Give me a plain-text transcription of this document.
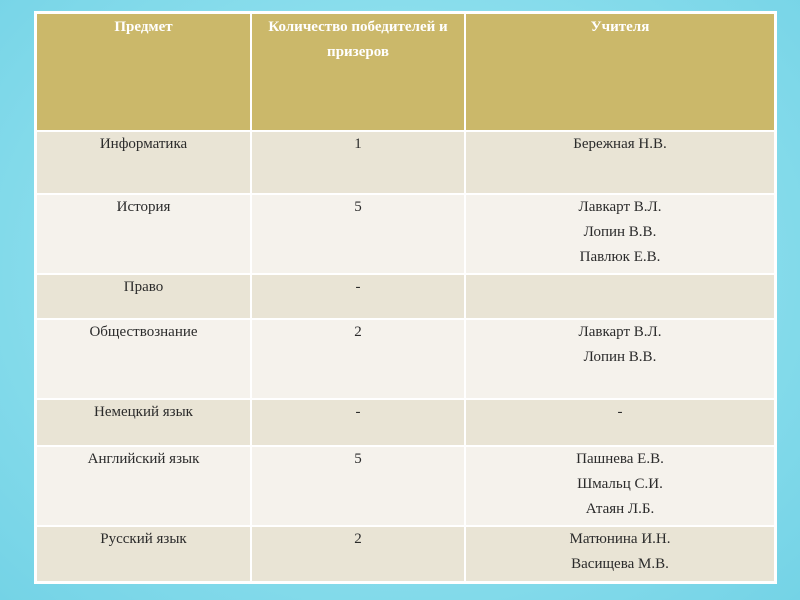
Предмет	Количество победителей и призеров	Учителя
Информатика	1	Бережная Н.В.

История	5	Лавкарт В.Л.
Лопин В.В.
Павлюк Е.В.

Право	-	
Обществознание	2	Лавкарт В.Л.
Лопин В.В.

Немецкий язык	-	-

Английский язык	5	Пашнева Е.В.
Шмальц С.И.
Атаян Л.Б.

Русский язык	2	Матюнина И.Н.
Васищева М.В.
